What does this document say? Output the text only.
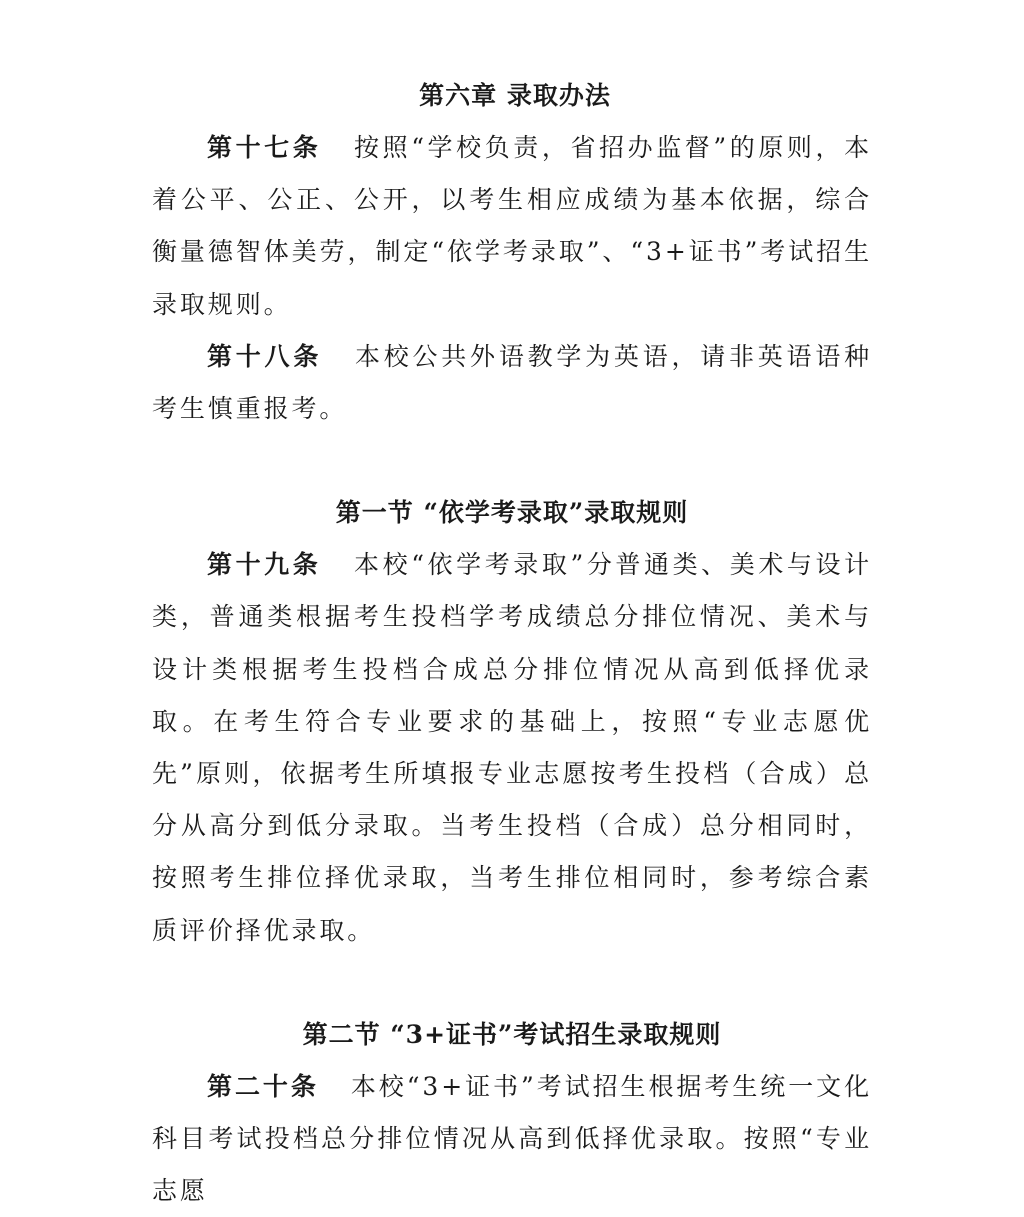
第六章 录取办法

第十七条 按照“学校负责，省招办监督”的原则，本着公平、公正、公开，以考生相应成绩为基本依据，综合衡量德智体美劳，制定“依学考录取”、“3+证书”考试招生录取规则。

第十八条 本校公共外语教学为英语，请非英语语种考生慎重报考。

第一节 “依学考录取”录取规则

第十九条 本校“依学考录取”分普通类、美术与设计类，普通类根据考生投档学考成绩总分排位情况、美术与设计类根据考生投档合成总分排位情况从高到低择优录取。在考生符合专业要求的基础上，按照“专业志愿优先”原则，依据考生所填报专业志愿按考生投档（合成）总分从高分到低分录取。当考生投档（合成）总分相同时，按照考生排位择优录取，当考生排位相同时，参考综合素质评价择优录取。

第二节 “3+证书”考试招生录取规则

第二十条 本校“3+证书”考试招生根据考生统一文化科目考试投档总分排位情况从高到低择优录取。按照“专业志愿
